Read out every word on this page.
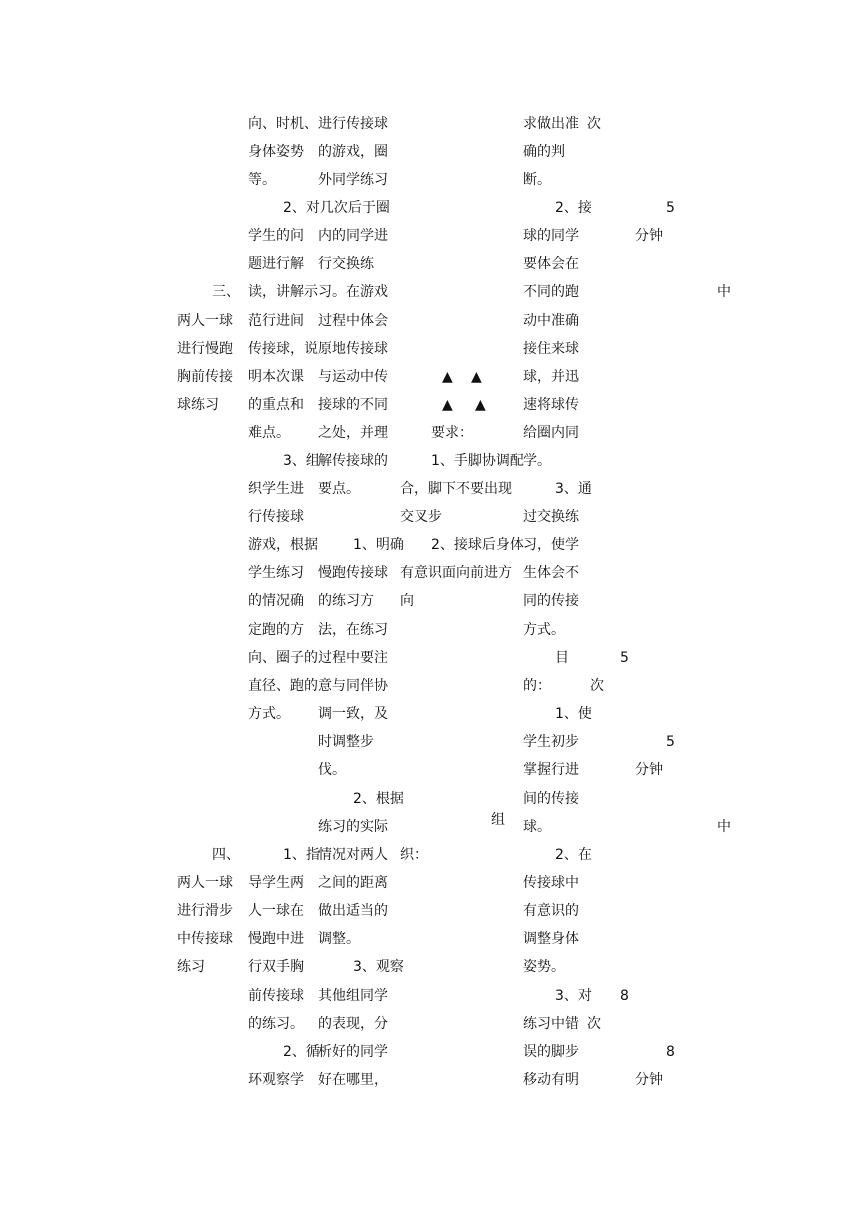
三、
两人一球
进行慢跑
胸前传接
球练习
四、
两人一球
进行滑步
中传接球
练习
向、时机、
身体姿势
等。
2、对几次后于圈
学生的问
题进行解
读，讲解示
范行进间
传接球，说
明本次课
的重点和
难点。
3、组
织学生进
行传接球
游戏，根据
学生练习
的情况确
定跑的方
向、圈子的
直径、跑的
方式。
1、指
导学生两
人一球在
慢跑中进
行双手胸
前传接球
的练习。
2、循
环观察学
进行传接球
的游戏，圈
外同学练习
内的同学进
行交换练
习。在游戏
过程中体会
原地传接球
与运动中传
接球的不同
之处，并理
解传接球的
要点。
1、明确
慢跑传接球
的练习方
法，在练习
过程中要注
意与同伴协
调一致，及
时调整步
伐。
2、根据
练习的实际
情况对两人
之间的距离
做出适当的
调整。
3、观察
其他组同学
的表现，分
析好的同学
好在哪里，
▲ ▲
▲ ▲
要求：
1、手脚协调配
合，脚下不要出现
交叉步
2、接球后身体
有意识面向前进方
向
组
织：
求做出准
确的判
断。
2、接
球的同学
要体会在
不同的跑
动中准确
接住来球
球，并迅
速将球传
给圈内同
学。
3、通
过交换练
习，使学
生体会不
同的传接
方式。
目
的：
1、使
学生初步
掌握行进
间的传接
球。
2、在
传接球中
有意识的
调整身体
姿势。
3、对
练习中错
误的脚步
移动有明
次
5
分钟
5
次
5
分钟
8
次
8
分钟
中
中
